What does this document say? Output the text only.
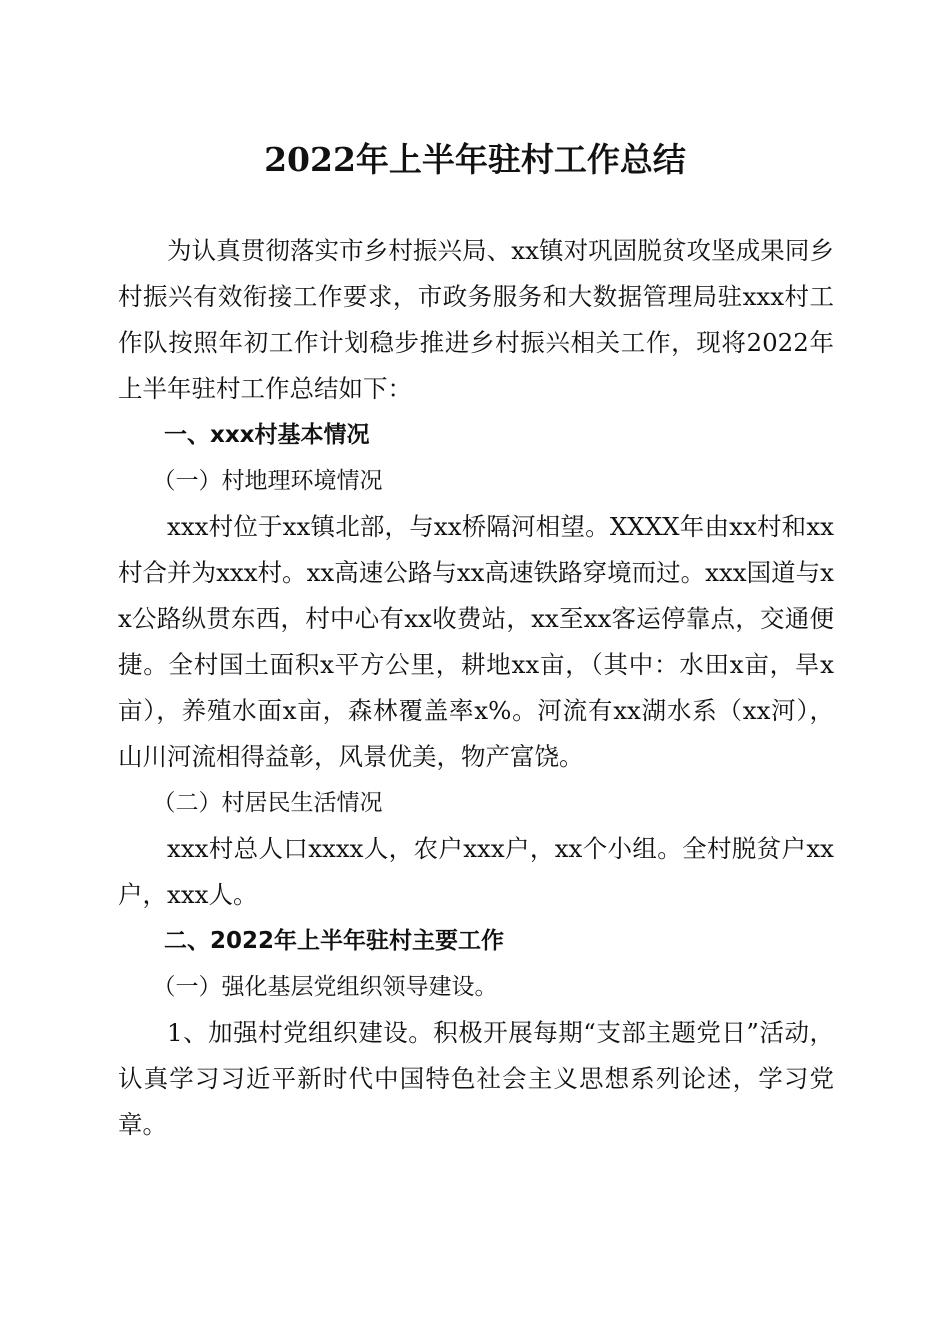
2022年上半年驻村工作总结

为认真贯彻落实市乡村振兴局、xx镇对巩固脱贫攻坚成果同乡村振兴有效衔接工作要求，市政务服务和大数据管理局驻xxx村工作队按照年初工作计划稳步推进乡村振兴相关工作，现将2022年上半年驻村工作总结如下：

一、xxx村基本情况

（一）村地理环境情况

xxx村位于xx镇北部，与xx桥隔河相望。XXXX年由xx村和xx村合并为xxx村。xx高速公路与xx高速铁路穿境而过。xxx国道与xx公路纵贯东西，村中心有xx收费站，xx至xx客运停靠点，交通便捷。全村国土面积x平方公里，耕地xx亩，（其中：水田x亩，旱x亩），养殖水面x亩，森林覆盖率x%。河流有xx湖水系（xx河），山川河流相得益彰，风景优美，物产富饶。

（二）村居民生活情况

xxx村总人口xxxx人，农户xxx户，xx个小组。全村脱贫户xx户，xxx人。

二、2022年上半年驻村主要工作

（一）强化基层党组织领导建设。

1、加强村党组织建设。积极开展每期“支部主题党日”活动，认真学习习近平新时代中国特色社会主义思想系列论述，学习党章。
